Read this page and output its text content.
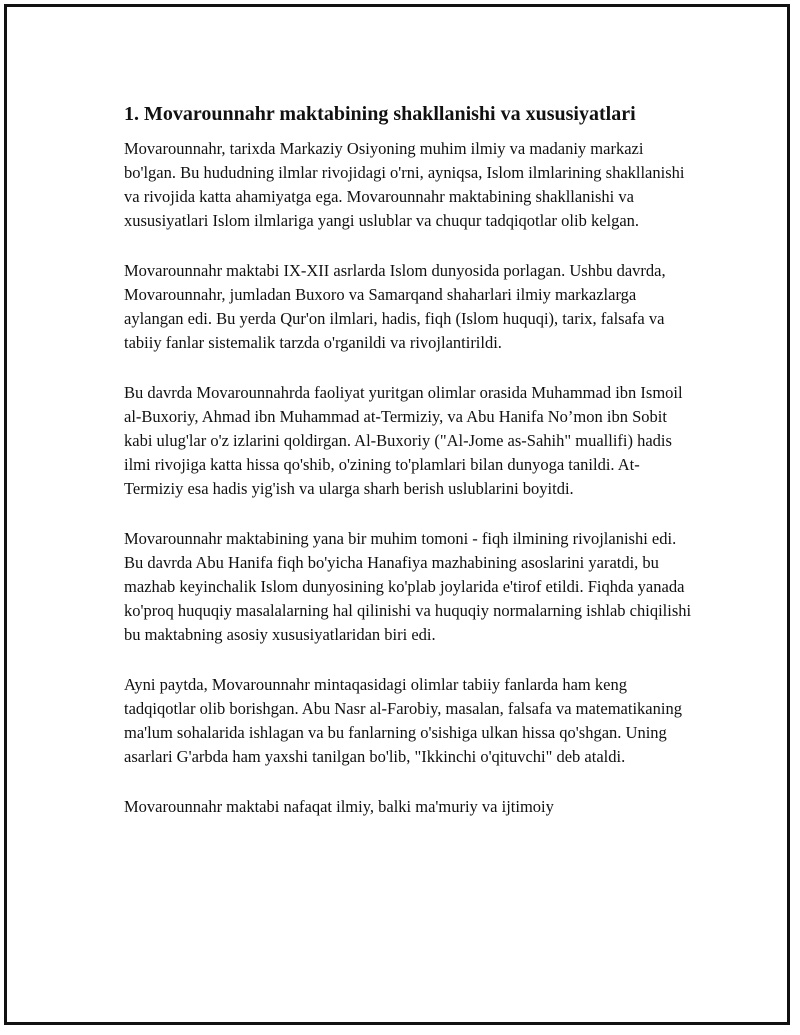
1. Movarounnahr maktabining shakllanishi va xususiyatlari

Movarounnahr, tarixda Markaziy Osiyoning muhim ilmiy va madaniy markazi bo'lgan. Bu hududning ilmlar rivojidagi o'rni, ayniqsa, Islom ilmlarining shakllanishi va rivojida katta ahamiyatga ega. Movarounnahr maktabining shakllanishi va xususiyatlari Islom ilmlariga yangi uslublar va chuqur tadqiqotlar olib kelgan.

Movarounnahr maktabi IX-XII asrlarda Islom dunyosida porlagan. Ushbu davrda, Movarounnahr, jumladan Buxoro va Samarqand shaharlari ilmiy markazlarga aylangan edi. Bu yerda Qur'on ilmlari, hadis, fiqh (Islom huquqi), tarix, falsafa va tabiiy fanlar sistemalik tarzda o'rganildi va rivojlantirildi.

Bu davrda Movarounnahrda faoliyat yuritgan olimlar orasida Muhammad ibn Ismoil al-Buxoriy, Ahmad ibn Muhammad at-Termiziy, va Abu Hanifa No’mon ibn Sobit kabi ulug'lar o'z izlarini qoldirgan. Al-Buxoriy ("Al-Jome as-Sahih" muallifi) hadis ilmi rivojiga katta hissa qo'shib, o'zining to'plamlari bilan dunyoga tanildi. At-Termiziy esa hadis yig'ish va ularga sharh berish uslublarini boyitdi.

Movarounnahr maktabining yana bir muhim tomoni - fiqh ilmining rivojlanishi edi. Bu davrda Abu Hanifa fiqh bo'yicha Hanafiya mazhabining asoslarini yaratdi, bu mazhab keyinchalik Islom dunyosining ko'plab joylarida e'tirof etildi. Fiqhda yanada ko'proq huquqiy masalalarning hal qilinishi va huquqiy normalarning ishlab chiqilishi bu maktabning asosiy xususiyatlaridan biri edi.

Ayni paytda, Movarounnahr mintaqasidagi olimlar tabiiy fanlarda ham keng tadqiqotlar olib borishgan. Abu Nasr al-Farobiy, masalan, falsafa va matematikaning ma'lum sohalarida ishlagan va bu fanlarning o'sishiga ulkan hissa qo'shgan. Uning asarlari G'arbda ham yaxshi tanilgan bo'lib, "Ikkinchi o'qituvchi" deb ataldi.

Movarounnahr maktabi nafaqat ilmiy, balki ma'muriy va ijtimoiy
